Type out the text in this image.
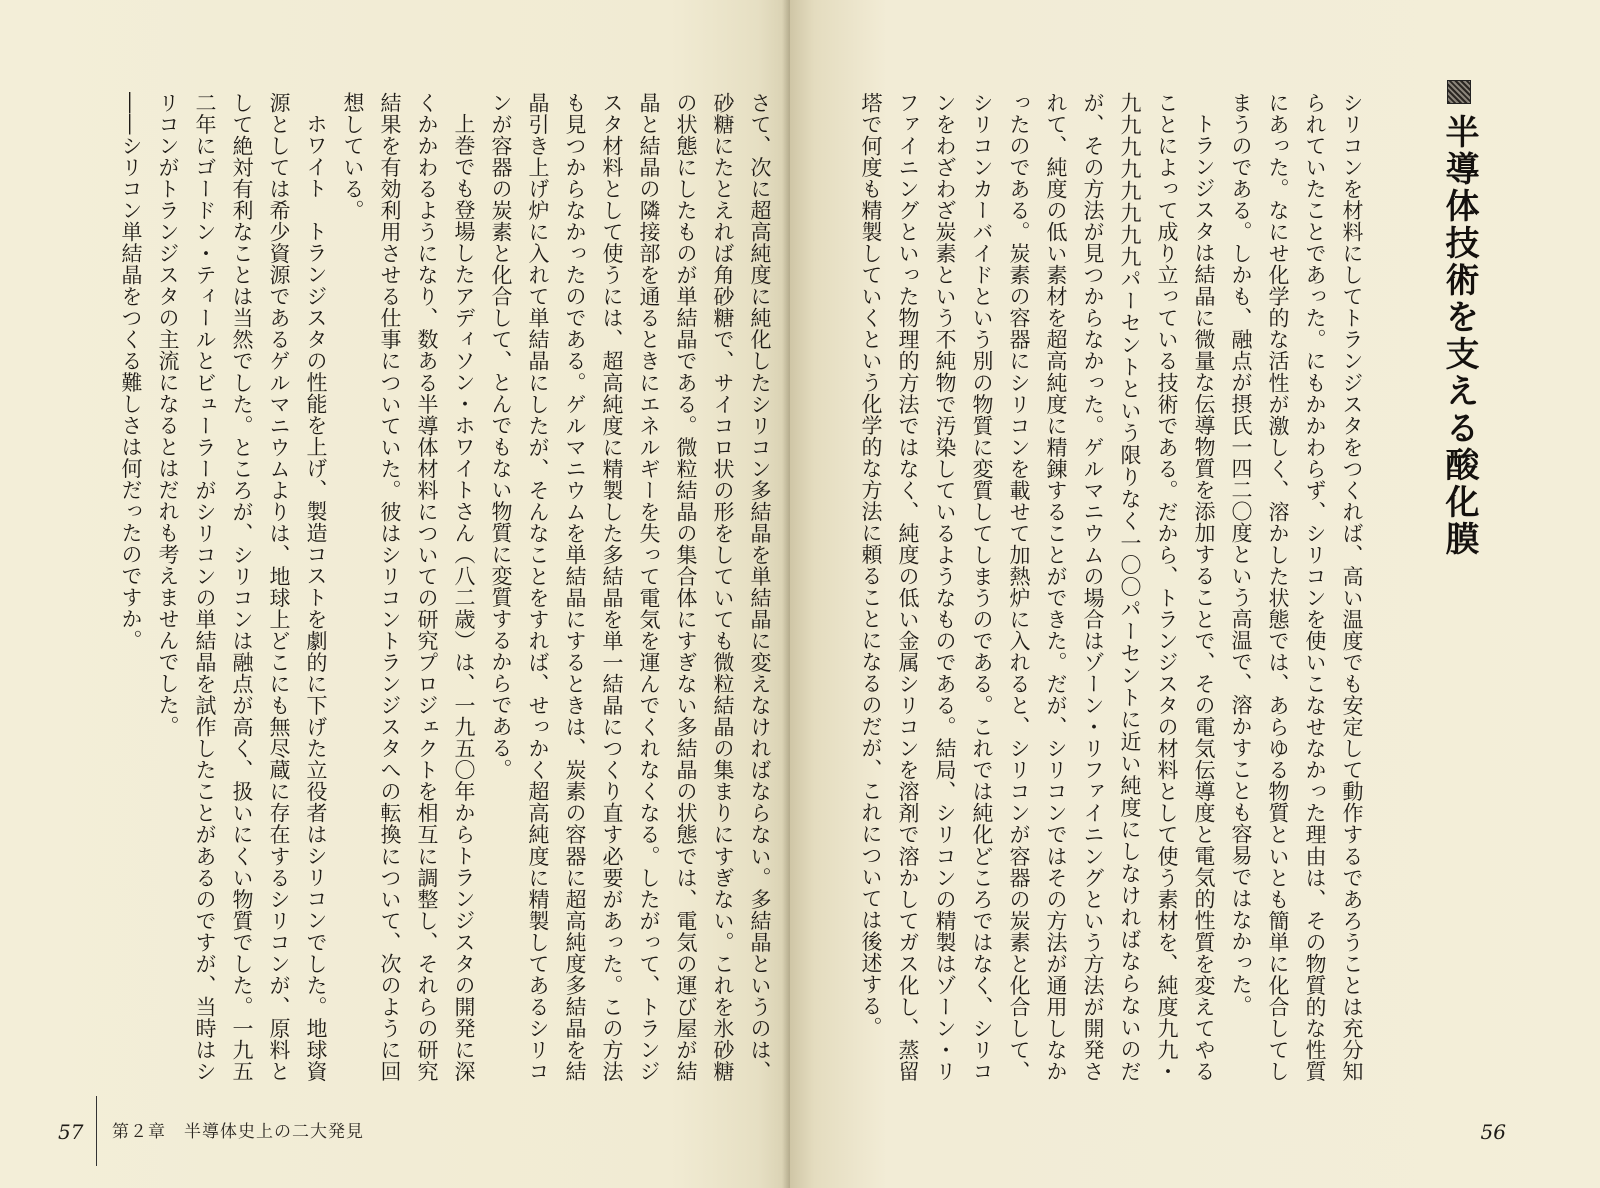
さて、次に超高純度に純化したシリコン多結晶を単結晶に変えなければならない。多結晶というのは、砂糖にたとえれば角砂糖で、サイコロ状の形をしていても微粒結晶の集まりにすぎない。これを氷砂糖の状態にしたものが単結晶である。微粒結晶の集合体にすぎない多結晶の状態では、電気の運び屋が結晶と結晶の隣接部を通るときにエネルギーを失って電気を運んでくれなくなる。したがって、トランジスタ材料として使うには、超高純度に精製した多結晶を単一結晶につくり直す必要があった。この方法も見つからなかったのである。ゲルマニウムを単結晶にするときは、炭素の容器に超高純度多結晶を結晶引き上げ炉に入れて単結晶にしたが、そんなことをすれば、せっかく超高純度に精製してあるシリコンが容器の炭素と化合して、とんでもない物質に変質するからである。

上巻でも登場したアディソン・ホワイトさん（八二歳）は、一九五〇年からトランジスタの開発に深くかかわるようになり、数ある半導体材料についての研究プロジェクトを相互に調整し、それらの研究結果を有効利用させる仕事についていた。彼はシリコントランジスタへの転換について、次のように回想している。

ホワイト　トランジスタの性能を上げ、製造コストを劇的に下げた立役者はシリコンでした。地球資源としては希少資源であるゲルマニウムよりは、地球上どこにも無尽蔵に存在するシリコンが、原料として絶対有利なことは当然でした。ところが、シリコンは融点が高く、扱いにくい物質でした。一九五二年にゴードン・ティールとビューラーがシリコンの単結晶を試作したことがあるのですが、当時はシリコンがトランジスタの主流になるとはだれも考えませんでした。

――シリコン単結晶をつくる難しさは何だったのですか。

57 第２章　半導体史上の二大発見
半導体技術を支える酸化膜

シリコンを材料にしてトランジスタをつくれば、高い温度でも安定して動作するであろうことは充分知られていたことであった。にもかかわらず、シリコンを使いこなせなかった理由は、その物質的な性質にあった。なにせ化学的な活性が激しく、溶かした状態では、あらゆる物質といとも簡単に化合してしまうのである。しかも、融点が摂氏一四二〇度という高温で、溶かすことも容易ではなかった。

トランジスタは結晶に微量な伝導物質を添加することで、その電気伝導度と電気的性質を変えてやることによって成り立っている技術である。だから、トランジスタの材料として使う素材を、純度九九・九九九九九九九九パーセントという限りなく一〇〇パーセントに近い純度にしなければならないのだが、その方法が見つからなかった。ゲルマニウムの場合はゾーン・リファイニングという方法が開発されて、純度の低い素材を超高純度に精錬することができた。だが、シリコンではその方法が通用しなかったのである。炭素の容器にシリコンを載せて加熱炉に入れると、シリコンが容器の炭素と化合して、シリコンカーバイドという別の物質に変質してしまうのである。これでは純化どころではなく、シリコンをわざわざ炭素という不純物で汚染しているようなものである。結局、シリコンの精製はゾーン・リファイニングといった物理的方法ではなく、純度の低い金属シリコンを溶剤で溶かしてガス化し、蒸留塔で何度も精製していくという化学的な方法に頼ることになるのだが、これについては後述する。

56
